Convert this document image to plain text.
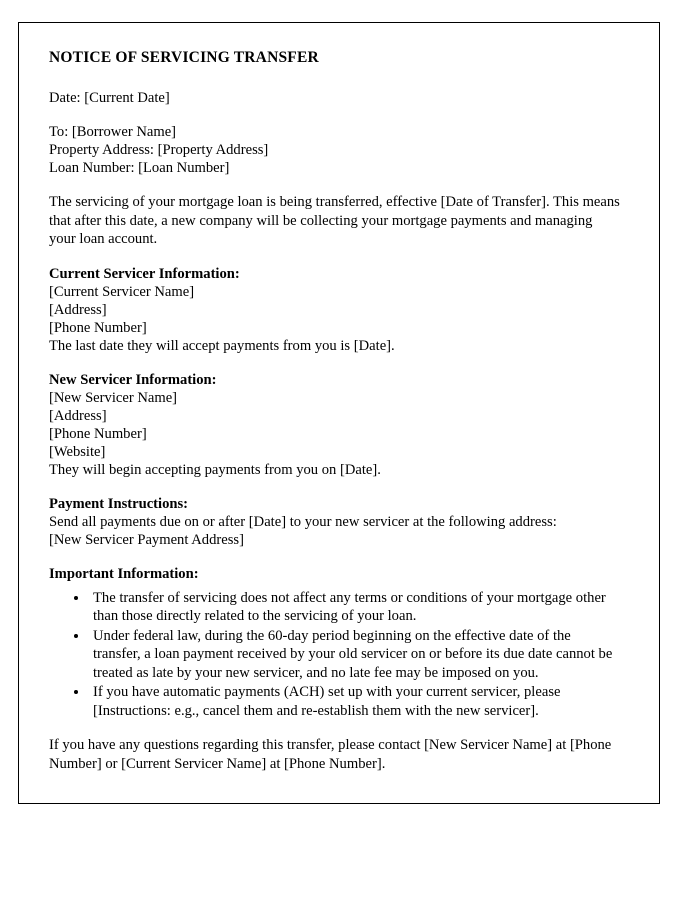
NOTICE OF SERVICING TRANSFER

Date: [Current Date]

To: [Borrower Name]

Property Address: [Property Address]

Loan Number: [Loan Number]

The servicing of your mortgage loan is being transferred, effective [Date of Transfer]. This means that after this date, a new company will be collecting your mortgage payments and managing your loan account.

Current Servicer Information:

[Current Servicer Name]

[Address]

[Phone Number]

The last date they will accept payments from you is [Date].

New Servicer Information:

[New Servicer Name]

[Address]

[Phone Number]

[Website]

They will begin accepting payments from you on [Date].

Payment Instructions:

Send all payments due on or after [Date] to your new servicer at the following address:

[New Servicer Payment Address]

Important Information:

• The transfer of servicing does not affect any terms or conditions of your mortgage other than those directly related to the servicing of your loan.
• Under federal law, during the 60-day period beginning on the effective date of the transfer, a loan payment received by your old servicer on or before its due date cannot be treated as late by your new servicer, and no late fee may be imposed on you.
• If you have automatic payments (ACH) set up with your current servicer, please [Instructions: e.g., cancel them and re-establish them with the new servicer].

If you have any questions regarding this transfer, please contact [New Servicer Name] at [Phone Number] or [Current Servicer Name] at [Phone Number].
